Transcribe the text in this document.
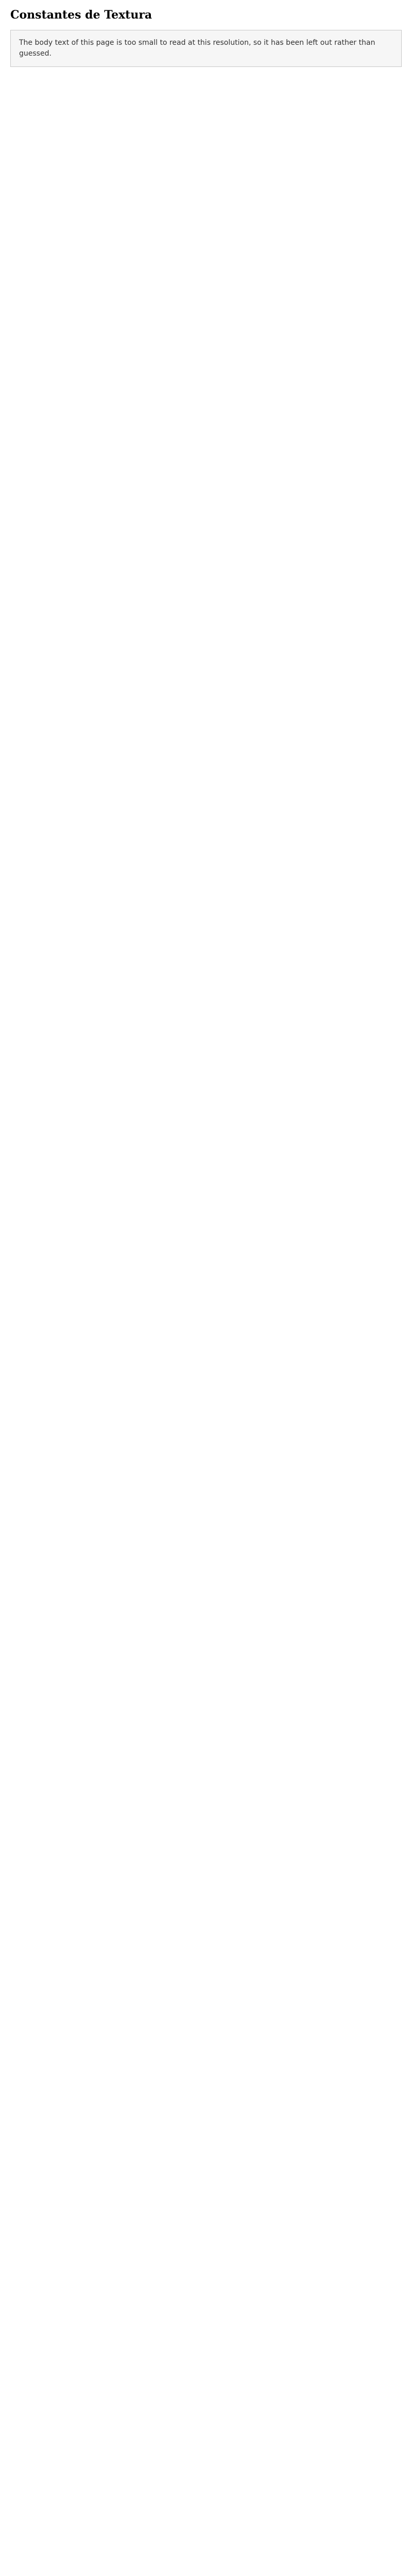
Constantes de Textura
The body text of this page is too small to read at this resolution, so it has been left out rather than guessed.
